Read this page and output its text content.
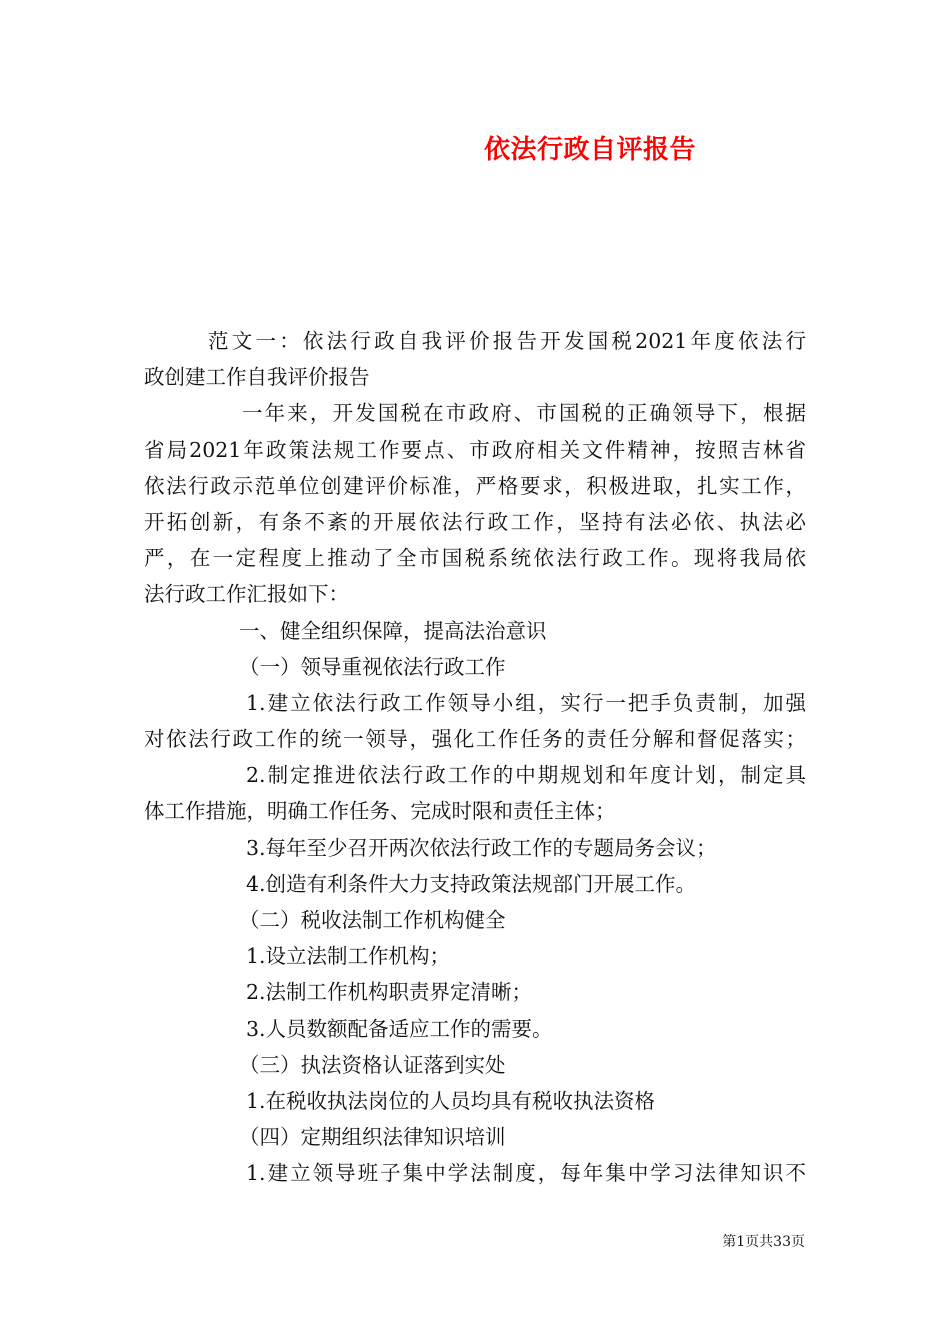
依法行政自评报告
范文一：依法行政自我评价报告开发国税2021年度依法行
政创建工作自我评价报告
一年来，开发国税在市政府、市国税的正确领导下，根据
省局2021年政策法规工作要点、市政府相关文件精神，按照吉林省
依法行政示范单位创建评价标准，严格要求，积极进取，扎实工作，
开拓创新，有条不紊的开展依法行政工作，坚持有法必依、执法必
严，在一定程度上推动了全市国税系统依法行政工作。现将我局依
法行政工作汇报如下：
一、健全组织保障，提高法治意识
（一）领导重视依法行政工作
1.建立依法行政工作领导小组，实行一把手负责制，加强
对依法行政工作的统一领导，强化工作任务的责任分解和督促落实；
2.制定推进依法行政工作的中期规划和年度计划，制定具
体工作措施，明确工作任务、完成时限和责任主体；
3.每年至少召开两次依法行政工作的专题局务会议；
4.创造有利条件大力支持政策法规部门开展工作。
（二）税收法制工作机构健全
1.设立法制工作机构；
2.法制工作机构职责界定清晰；
3.人员数额配备适应工作的需要。
（三）执法资格认证落到实处
1.在税收执法岗位的人员均具有税收执法资格
（四）定期组织法律知识培训
1.建立领导班子集中学法制度，每年集中学习法律知识不

第1页共33页
